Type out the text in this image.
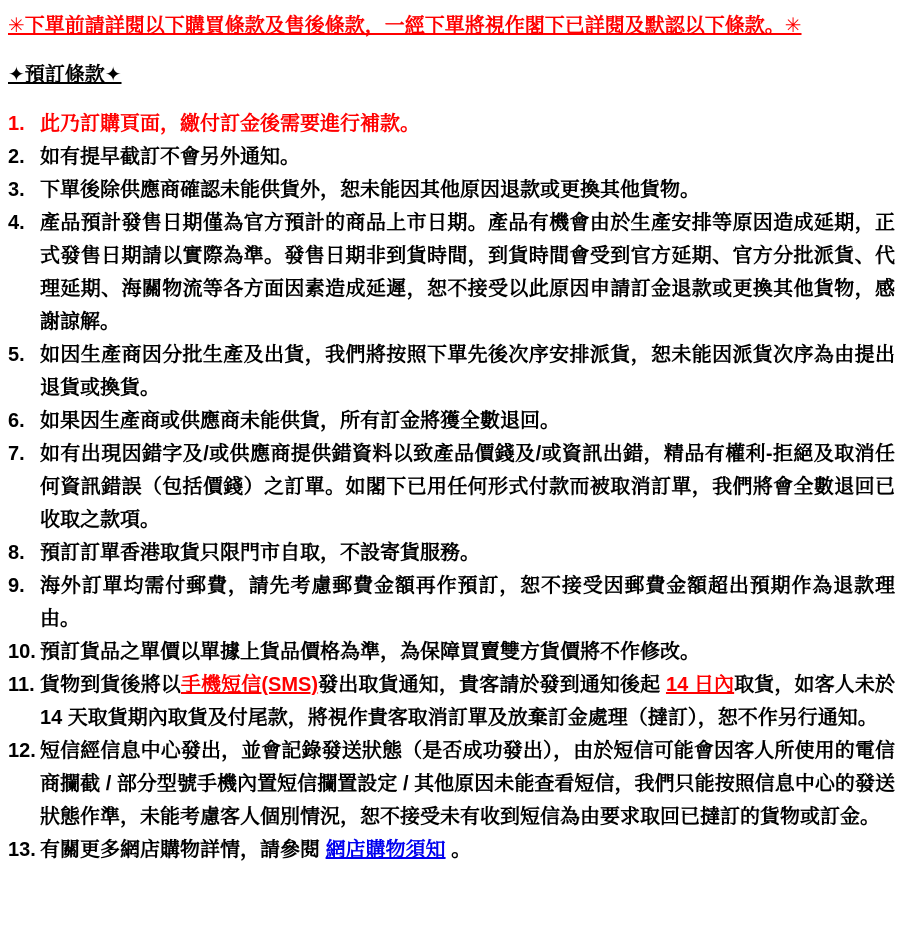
✳下單前請詳閱以下購買條款及售後條款，一經下單將視作閣下已詳閱及默認以下條款。✳

✦預訂條款✦

1. 此乃訂購頁面，繳付訂金後需要進行補款。
2. 如有提早截訂不會另外通知。
3. 下單後除供應商確認未能供貨外，恕未能因其他原因退款或更換其他貨物。
4. 產品預計發售日期僅為官方預計的商品上市日期。產品有機會由於生產安排等原因造成延期，正式發售日期請以實際為準。發售日期非到貨時間，到貨時間會受到官方延期、官方分批派貨、代理延期、海關物流等各方面因素造成延遲，恕不接受以此原因申請訂金退款或更換其他貨物，感謝諒解。
5. 如因生產商因分批生產及出貨，我們將按照下單先後次序安排派貨，恕未能因派貨次序為由提出退貨或換貨。
6. 如果因生產商或供應商未能供貨，所有訂金將獲全數退回。
7. 如有出現因錯字及/或供應商提供錯資料以致產品價錢及/或資訊出錯，精品有權利-拒絕及取消任何資訊錯誤（包括價錢）之訂單。如閣下已用任何形式付款而被取消訂單，我們將會全數退回已收取之款項。
8. 預訂訂單香港取貨只限門市自取，不設寄貨服務。
9. 海外訂單均需付郵費，請先考慮郵費金額再作預訂，恕不接受因郵費金額超出預期作為退款理由。
10. 預訂貨品之單價以單據上貨品價格為準，為保障買賣雙方貨價將不作修改。
11. 貨物到貨後將以手機短信(SMS)發出取貨通知，貴客請於發到通知後起 14 日內取貨，如客人未於 14 天取貨期內取貨及付尾款，將視作貴客取消訂單及放棄訂金處理（撻訂），恕不作另行通知。
12. 短信經信息中心發出，並會記錄發送狀態（是否成功發出），由於短信可能會因客人所使用的電信商攔截 / 部分型號手機內置短信攔置設定 / 其他原因未能查看短信，我們只能按照信息中心的發送狀態作準，未能考慮客人個別情況，恕不接受未有收到短信為由要求取回已撻訂的貨物或訂金。
13. 有關更多網店購物詳情，請參閱 網店購物須知 。
